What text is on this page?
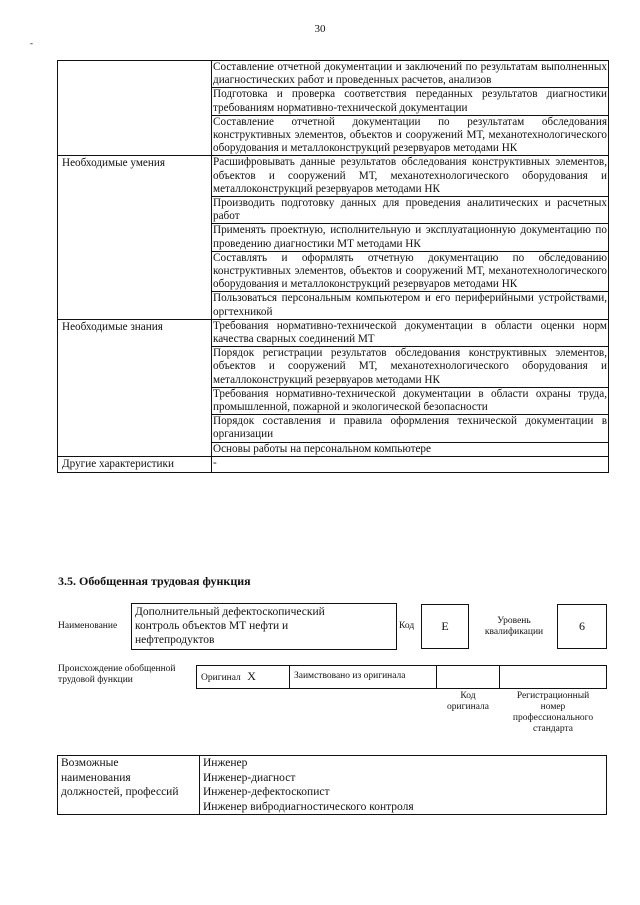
30
-
	Составление отчетной документации и заключений по результатам выполненных диагностических работ и проведенных расчетов, анализов
	Подготовка и проверка соответствия переданных результатов диагностики требованиям нормативно-технической документации
	Составление отчетной документации по результатам обследования конструктивных элементов, объектов и сооружений МТ, механотехнологического оборудования и металлоконструкций резервуаров методами НК
Необходимые умения	Расшифровывать данные результатов обследования конструктивных элементов, объектов и сооружений МТ, механотехнологического оборудования и металлоконструкций резервуаров методами НК
	Производить подготовку данных для проведения аналитических и расчетных работ
	Применять проектную, исполнительную и эксплуатационную документацию по проведению диагностики МТ методами НК
	Составлять и оформлять отчетную документацию по обследованию конструктивных элементов, объектов и сооружений МТ, механотехнологического оборудования и металлоконструкций резервуаров методами НК
	Пользоваться персональным компьютером и его периферийными устройствами, оргтехникой
Необходимые знания	Требования нормативно-технической документации в области оценки норм качества сварных соединений МТ
	Порядок регистрации результатов обследования конструктивных элементов, объектов и сооружений МТ, механотехнологического оборудования и металлоконструкций резервуаров методами НК
	Требования нормативно-технической документации в области охраны труда, промышленной, пожарной и экологической безопасности
	Порядок составления и правила оформления технической документации в организации
	Основы работы на персональном компьютере
Другие характеристики	-
3.5. Обобщенная трудовая функция
Наименование
Дополнительный дефектоскопический
контроль объектов МТ нефти и
нефтепродуктов
Код	E	Уровень
квалификации	6
Происхождение обобщенной
трудовой функции	Оригинал X	Заимствовано из оригинала
Код
оригинала
Регистрационный
номер
профессионального
стандарта
Возможные
наименования
должностей, профессий
	Инженер
Инженер-диагност
Инженер-дефектоскопист
Инженер вибродиагностического контроля
